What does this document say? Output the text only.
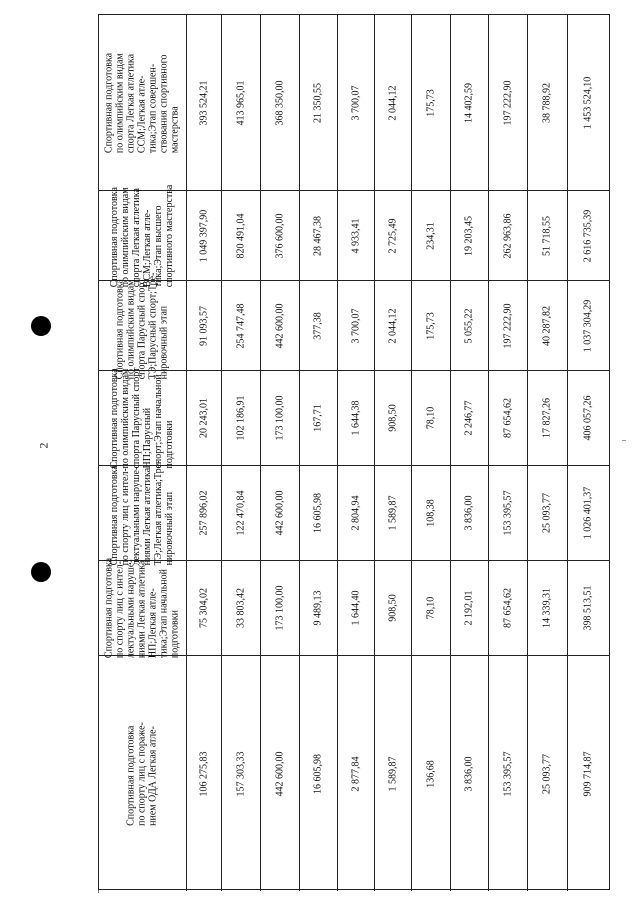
2
Спортивная подготовка по олимпийским видам спорта Легкая атлетика ССМ;Легкая атле- тика;Этап совершен- ствования спортивного мастерства
393 524,21	413 965,01	368 350,00	21 350,55	3 700,07	2 044,12	175,73	14 402,59	197 222,90	38 788,92	1 453 524,10
Спортивная подготовка по олимпийским видам спорта Легкая атлетика ВСМ;Легкая атле- тика;Этап высшего спортивного мастерства 1 049 397,90	820 491,04	376 600,00	28 467,38	4 933,41	2 725,49	234,31	19 203,45	262 963,86	51 718,55	2 616 735,39
Спортивная подготовка по олимпийским видам спорта Парусный спорт ТЭ;Парусный спорт;Тре- нировочный этап	91 093,57	254 747,48	442 600,00	377,38	3 700,07	2 044,12	175,73	5 055,22	197 222,90	40 287,82	1 037 304,29
Спортивная подготовка по олимпийским видам спорта Парусный спорт НП;Парусный спорт;Этап начальной подготовки
20 243,01	102 186,91	173 100,00	167,71	1 644,38	908,50	78,10	2 246,77	87 654,62	17 827,26	406 057,26
Спортивная подготовка по спорту лиц с интел- лектуальными наруше- ниями Легкая атлетика ТЭ;Легкая атлетика;Тре- нировочный этап 257 896,02	122 470,84	442 600,00	16 605,98	2 804,94	1 589,87	108,38	3 836,00	153 395,57	25 093,77	1 026 401,37
Спортивная подготовка по спорту лиц с интел- лектуальными наруше- ниями Легкая атлетика НП;Легкая атле- тика;Этап начальной подготовки
75 304,02	33 803,42	173 100,00	9 489,13	1 644,40	908,50	78,10	2 192,01	87 654,62	14 339,31	398 513,51
Спортивная подготовка по спорту лиц с пораже- нием ОДА Легкая атле-	106 275,83	157 303,33	442 600,00	16 605,98	2 877,84	1 589,87	136,68	3 836,00	153 395,57	25 093,77	909 714,87
